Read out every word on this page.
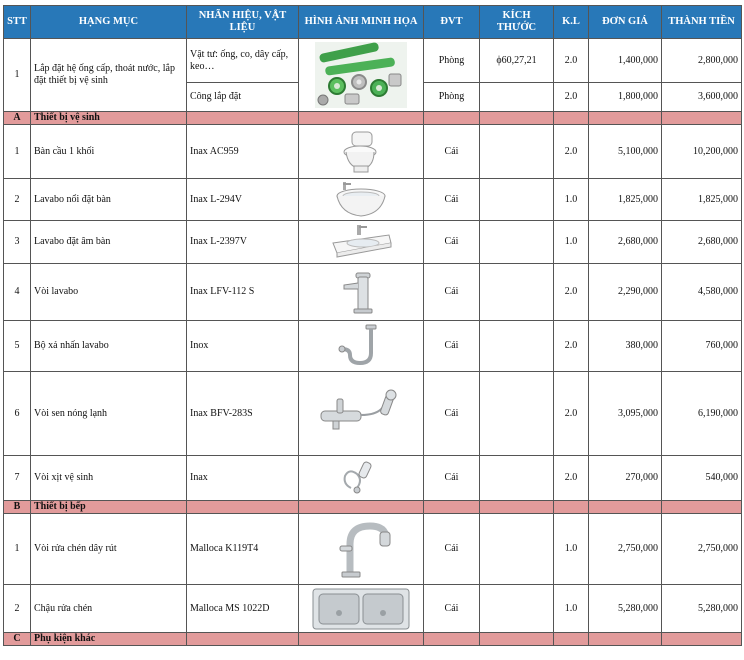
STT	HẠNG MỤC	NHÃN HIỆU, VẬT LIỆU	HÌNH ẢNH MINH HỌA	ĐVT	KÍCH THƯỚC	K.L	ĐƠN GIÁ	THÀNH TIỀN
1	Lắp đặt hệ ống cấp, thoát nước, lắp đặt thiết bị vệ sinh	Vật tư: ống, co, dây cấp, keo…		Phòng	ϕ60,27,21	2.0	1,400,000	2,800,000
		Công lắp đặt		Phòng		2.0	1,800,000	3,600,000
A	Thiết bị vệ sinh							
1	Bàn cầu 1 khối	Inax AC959		Cái		2.0	5,100,000	10,200,000
2	Lavabo nổi đặt bàn	Inax L-294V		Cái		1.0	1,825,000	1,825,000
3	Lavabo đặt âm bàn	Inax L-2397V		Cái		1.0	2,680,000	2,680,000
4	Vòi lavabo	Inax LFV-112 S		Cái		2.0	2,290,000	4,580,000
5	Bộ xả nhấn lavabo	Inox		Cái		2.0	380,000	760,000
6	Vòi sen nóng lạnh	Inax BFV-283S		Cái		2.0	3,095,000	6,190,000
7	Vòi xịt vệ sinh	Inax		Cái		2.0	270,000	540,000
B	Thiết bị bếp							
1	Vòi rửa chén dây rút	Malloca K119T4		Cái		1.0	2,750,000	2,750,000
2	Chậu rửa chén	Malloca MS 1022D		Cái		1.0	5,280,000	5,280,000
C	Phụ kiện khác							
